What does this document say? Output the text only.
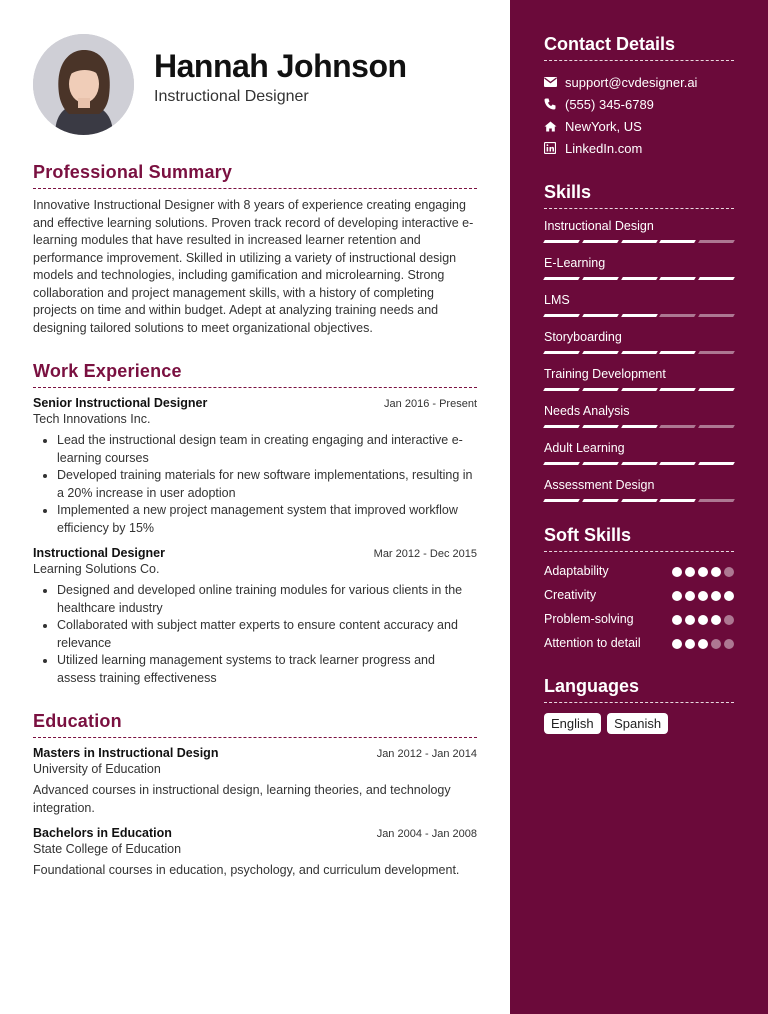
Hannah Johnson
Instructional Designer
Professional Summary
Innovative Instructional Designer with 8 years of experience creating engaging and effective learning solutions. Proven track record of developing interactive e-learning modules that have resulted in increased learner retention and performance improvement. Skilled in utilizing a variety of instructional design models and technologies, including gamification and microlearning. Strong collaboration and project management skills, with a history of completing projects on time and within budget. Adept at analyzing training needs and designing tailored solutions to meet organizational objectives.
Work Experience
Senior Instructional Designer	Jan 2016 - Present
Tech Innovations Inc.
• Lead the instructional design team in creating engaging and interactive e-learning courses
• Developed training materials for new software implementations, resulting in a 20% increase in user adoption
• Implemented a new project management system that improved workflow efficiency by 15%
Instructional Designer	Mar 2012 - Dec 2015
Learning Solutions Co.
• Designed and developed online training modules for various clients in the healthcare industry
• Collaborated with subject matter experts to ensure content accuracy and relevance
• Utilized learning management systems to track learner progress and assess training effectiveness
Education
Masters in Instructional Design	Jan 2012 - Jan 2014
University of Education
Advanced courses in instructional design, learning theories, and technology integration.
Bachelors in Education	Jan 2004 - Jan 2008
State College of Education
Foundational courses in education, psychology, and curriculum development.
Contact Details
support@cvdesigner.ai
(555) 345-6789
NewYork, US
LinkedIn.com
Skills
Instructional Design
E-Learning
LMS
Storyboarding
Training Development
Needs Analysis
Adult Learning
Assessment Design
Soft Skills
Adaptability
Creativity
Problem-solving
Attention to detail
Languages
English Spanish
